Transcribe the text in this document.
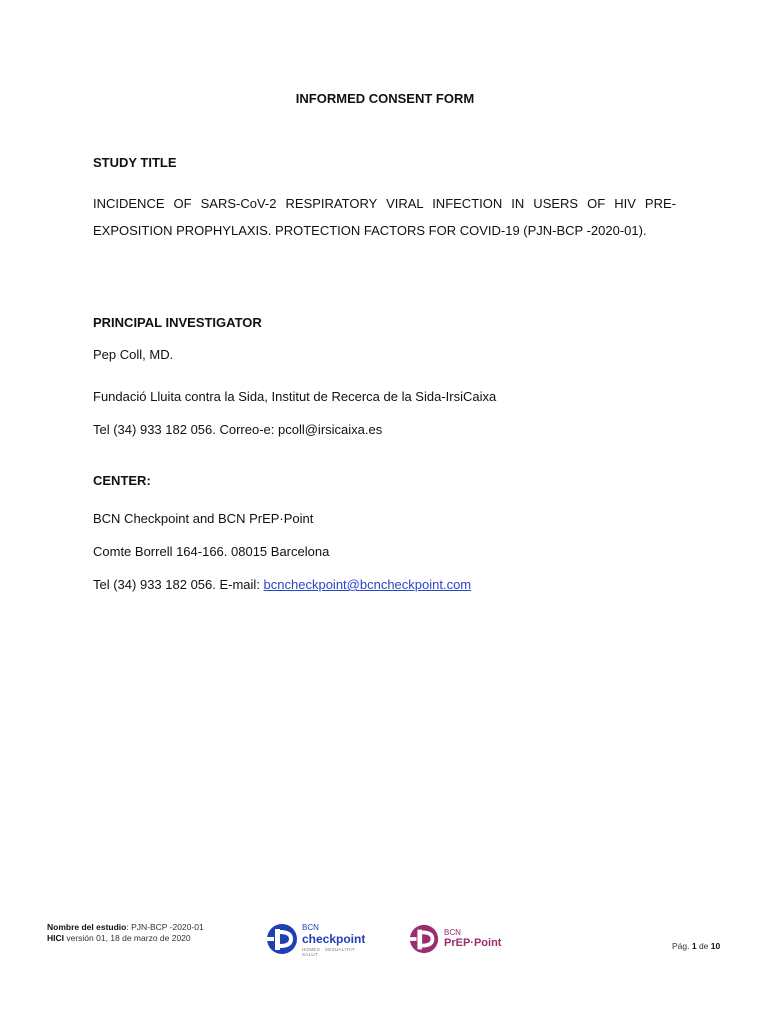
INFORMED CONSENT FORM
STUDY TITLE
INCIDENCE OF SARS-CoV-2 RESPIRATORY VIRAL INFECTION IN USERS OF HIV PRE-
EXPOSITION PROPHYLAXIS. PROTECTION FACTORS FOR COVID-19 (PJN-BCP -2020-01).
PRINCIPAL INVESTIGATOR
Pep Coll, MD.
Fundació Lluita contra la Sida, Institut de Recerca de la Sida-IrsiCaixa
Tel (34) 933 182 056. Correo-e: pcoll@irsicaixa.es
CENTER:
BCN Checkpoint and BCN PrEP·Point
Comte Borrell 164-166. 08015 Barcelona
Tel (34) 933 182 056. E-mail: bcncheckpoint@bcncheckpoint.com
Nombre del estudio: PJN-BCP -2020-01
HICI versión 01, 18 de marzo de 2020
BCN
checkpoint
HOMES · SEXUALITAT · SALUT
BCN
PrEP·Point	Pág. 1 de 10
